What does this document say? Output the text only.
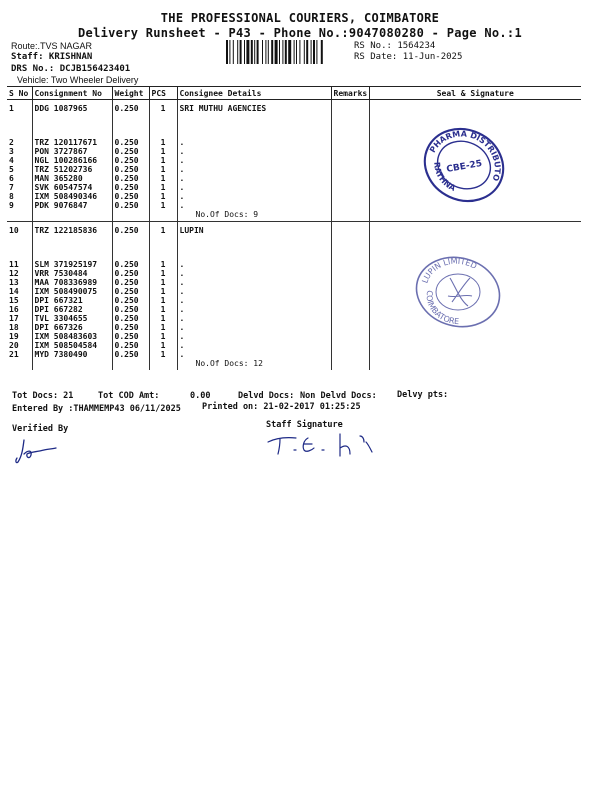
THE PROFESSIONAL COURIERS, COIMBATORE
Delivery Runsheet - P43 - Phone No.:9047080280 - Page No.:1
Route:.TVS NAGAR
Staff: KRISHNAN
DRS No.: DCJB156423401
Vehicle: Two Wheeler Delivery
RS No.: 1564234
RS Date: 11-Jun-2025
S No	Consignment No	Weight	PCS	Consignee Details	Remarks	Seal & Signature
1	DDG 1087965	0.250	1	SRI MUTHU AGENCIES		
2	TRZ 120117671	0.250	1	.		
3	PON 3727867	0.250	1	.		
4	NGL 100286166	0.250	1	.		
5	TRZ 51202736	0.250	1	.		
6	MAN 365280	0.250	1	.		
7	SVK 60547574	0.250	1	.		
8	IXM 508490346	0.250	1	.		
9	PDK 9076847	0.250	1	.		
				No.Of Docs: 9		
10	TRZ 122185836	0.250	1	LUPIN		
11	SLM 371925197	0.250	1	.		
12	VRR 7530484	0.250	1	.		
13	MAA 708336989	0.250	1	.		
14	IXM 508490075	0.250	1	.		
15	DPI 667321	0.250	1	.		
16	DPI 667282	0.250	1	.		
17	TVL 3304655	0.250	1	.		
18	DPI 667326	0.250	1	.		
19	IXM 508483603	0.250	1	.		
20	IXM 508504584	0.250	1	.		
21	MYD 7380490	0.250	1	.		
				No.Of Docs: 12		
PHARMA DISTRIBUTORS
RATHNA
CBE-25
LUPIN LIMITED
COIMBATORE
Tot Docs: 21	Tot COD Amt:	0.00	Delvd Docs: Non Delvd Docs: Delvy pts:
Entered By :THAMMEMP43 06/11/2025 Printed on: 21-02-2017 01:25:25
Verified By	Staff Signature
